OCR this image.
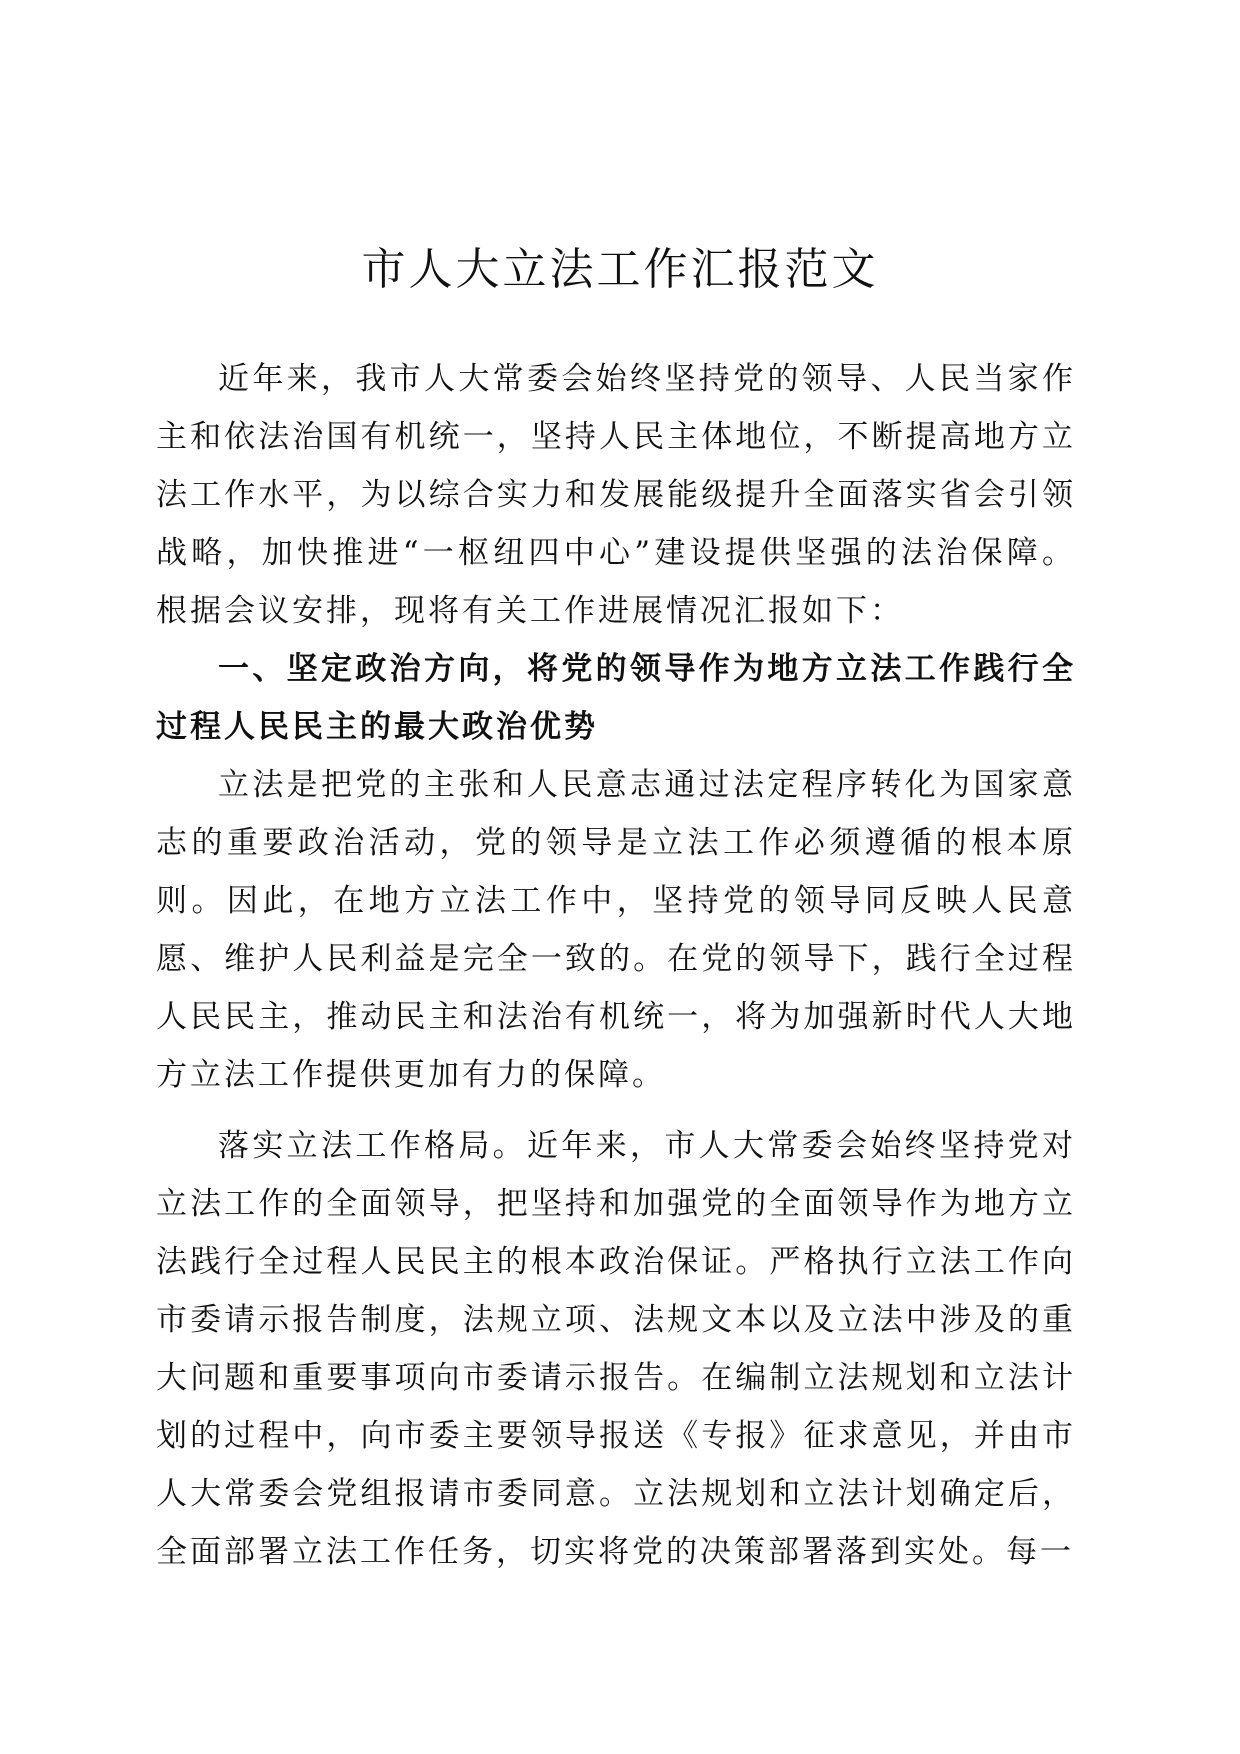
市人大立法工作汇报范文

近年来，我市人大常委会始终坚持党的领导、人民当家作主和依法治国有机统一，坚持人民主体地位，不断提高地方立法工作水平，为以综合实力和发展能级提升全面落实省会引领战略，加快推进“一枢纽四中心”建设提供坚强的法治保障。根据会议安排，现将有关工作进展情况汇报如下：

一、坚定政治方向，将党的领导作为地方立法工作践行全过程人民民主的最大政治优势

立法是把党的主张和人民意志通过法定程序转化为国家意志的重要政治活动，党的领导是立法工作必须遵循的根本原则。因此，在地方立法工作中，坚持党的领导同反映人民意愿、维护人民利益是完全一致的。在党的领导下，践行全过程人民民主，推动民主和法治有机统一，将为加强新时代人大地方立法工作提供更加有力的保障。

落实立法工作格局。近年来，市人大常委会始终坚持党对立法工作的全面领导，把坚持和加强党的全面领导作为地方立法践行全过程人民民主的根本政治保证。严格执行立法工作向市委请示报告制度，法规立项、法规文本以及立法中涉及的重大问题和重要事项向市委请示报告。在编制立法规划和立法计划的过程中，向市委主要领导报送《专报》征求意见，并由市人大常委会党组报请市委同意。立法规划和立法计划确定后，全面部署立法工作任务，切实将党的决策部署落到实处。每一
